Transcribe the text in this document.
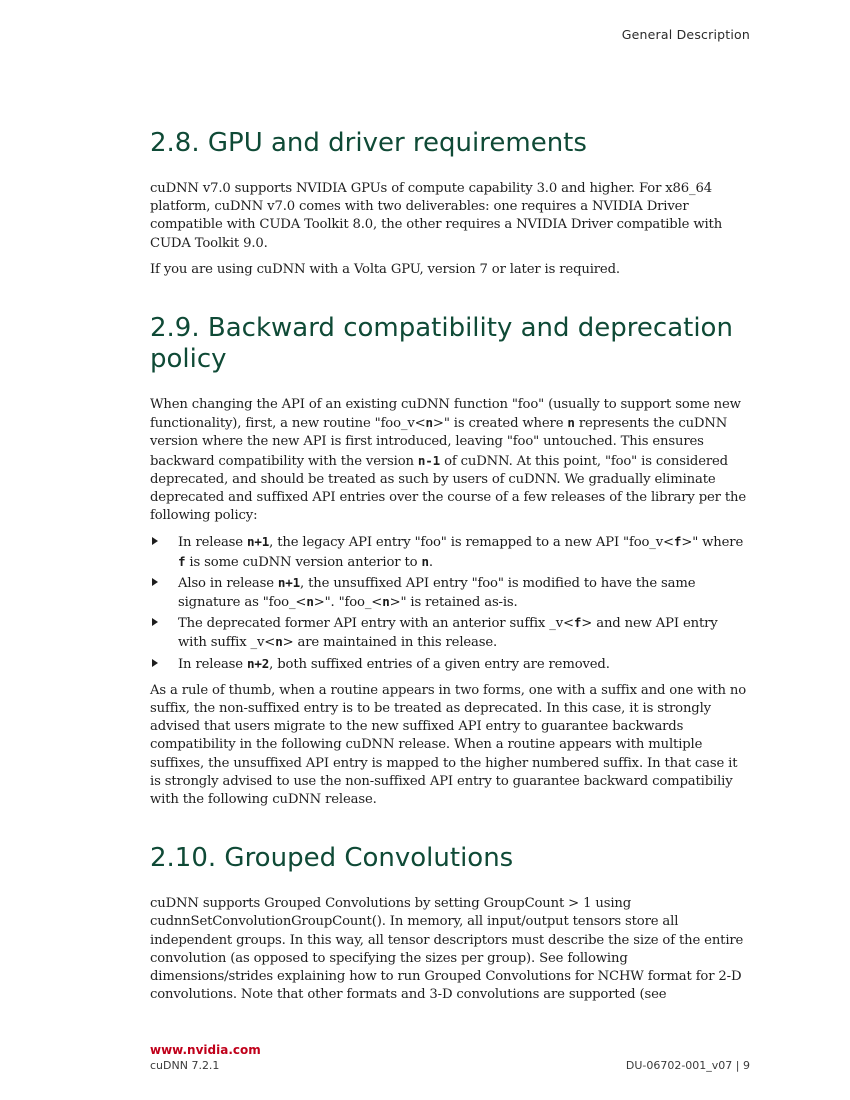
General Description
2.8. GPU and driver requirements

cuDNN v7.0 supports NVIDIA GPUs of compute capability 3.0 and higher. For x86_64 platform, cuDNN v7.0 comes with two deliverables: one requires a NVIDIA Driver compatible with CUDA Toolkit 8.0, the other requires a NVIDIA Driver compatible with CUDA Toolkit 9.0.

If you are using cuDNN with a Volta GPU, version 7 or later is required.

2.9. Backward compatibility and deprecation policy

When changing the API of an existing cuDNN function "foo" (usually to support some new functionality), first, a new routine "foo_v<n>" is created where n represents the cuDNN version where the new API is first introduced, leaving "foo" untouched. This ensures backward compatibility with the version n-1 of cuDNN. At this point, "foo" is considered deprecated, and should be treated as such by users of cuDNN. We gradually eliminate deprecated and suffixed API entries over the course of a few releases of the library per the following policy:

In release n+1, the legacy API entry "foo" is remapped to a new API "foo_v<f>" where f is some cuDNN version anterior to n.
Also in release n+1, the unsuffixed API entry "foo" is modified to have the same signature as "foo_<n>". "foo_<n>" is retained as-is.
The deprecated former API entry with an anterior suffix _v<f> and new API entry with suffix _v<n> are maintained in this release.
In release n+2, both suffixed entries of a given entry are removed.

As a rule of thumb, when a routine appears in two forms, one with a suffix and one with no suffix, the non-suffixed entry is to be treated as deprecated. In this case, it is strongly advised that users migrate to the new suffixed API entry to guarantee backwards compatibility in the following cuDNN release. When a routine appears with multiple suffixes, the unsuffixed API entry is mapped to the higher numbered suffix. In that case it is strongly advised to use the non-suffixed API entry to guarantee backward compatibiliy with the following cuDNN release.

2.10. Grouped Convolutions

cuDNN supports Grouped Convolutions by setting GroupCount > 1 using cudnnSetConvolutionGroupCount(). In memory, all input/output tensors store all independent groups. In this way, all tensor descriptors must describe the size of the entire convolution (as opposed to specifying the sizes per group). See following dimensions/strides explaining how to run Grouped Convolutions for NCHW format for 2-D convolutions. Note that other formats and 3-D convolutions are supported (see

www.nvidia.com
cuDNN 7.2.1	DU-06702-001_v07 | 9
